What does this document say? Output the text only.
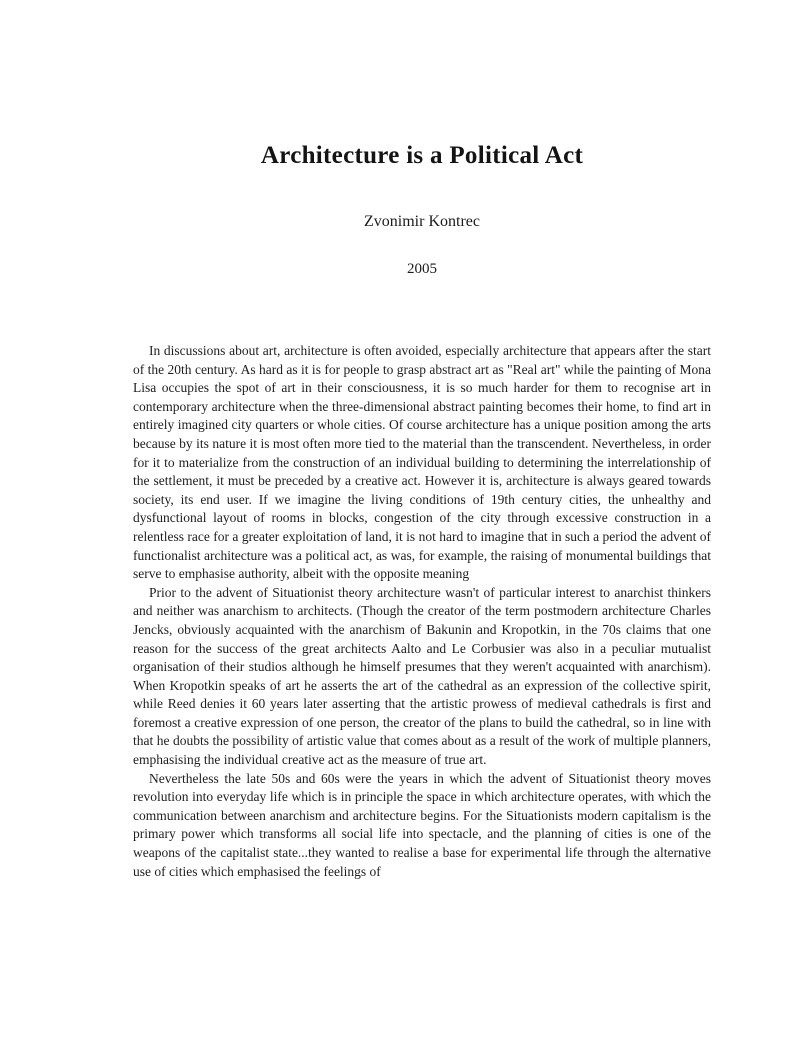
Architecture is a Political Act
Zvonimir Kontrec
2005

In discussions about art, architecture is often avoided, especially architecture that appears after the start of the 20th century. As hard as it is for people to grasp abstract art as "Real art" while the painting of Mona Lisa occupies the spot of art in their consciousness, it is so much harder for them to recognise art in contemporary architecture when the three-dimensional abstract painting becomes their home, to find art in entirely imagined city quarters or whole cities. Of course architecture has a unique position among the arts because by its nature it is most often more tied to the material than the transcendent. Nevertheless, in order for it to materialize from the construction of an individual building to determining the interrelationship of the settlement, it must be preceded by a creative act. However it is, architecture is always geared towards society, its end user. If we imagine the living conditions of 19th century cities, the unhealthy and dysfunctional layout of rooms in blocks, congestion of the city through excessive construction in a relentless race for a greater exploitation of land, it is not hard to imagine that in such a period the advent of functionalist architecture was a political act, as was, for example, the raising of monumental buildings that serve to emphasise authority, albeit with the opposite meaning

Prior to the advent of Situationist theory architecture wasn't of particular interest to anarchist thinkers and neither was anarchism to architects. (Though the creator of the term postmodern architecture Charles Jencks, obviously acquainted with the anarchism of Bakunin and Kropotkin, in the 70s claims that one reason for the success of the great architects Aalto and Le Corbusier was also in a peculiar mutualist organisation of their studios although he himself presumes that they weren't acquainted with anarchism). When Kropotkin speaks of art he asserts the art of the cathedral as an expression of the collective spirit, while Reed denies it 60 years later asserting that the artistic prowess of medieval cathedrals is first and foremost a creative expression of one person, the creator of the plans to build the cathedral, so in line with that he doubts the possibility of artistic value that comes about as a result of the work of multiple planners, emphasising the individual creative act as the measure of true art.

Nevertheless the late 50s and 60s were the years in which the advent of Situationist theory moves revolution into everyday life which is in principle the space in which architecture operates, with which the communication between anarchism and architecture begins. For the Situationists modern capitalism is the primary power which transforms all social life into spectacle, and the planning of cities is one of the weapons of the capitalist state...they wanted to realise a base for experimental life through the alternative use of cities which emphasised the feelings of
